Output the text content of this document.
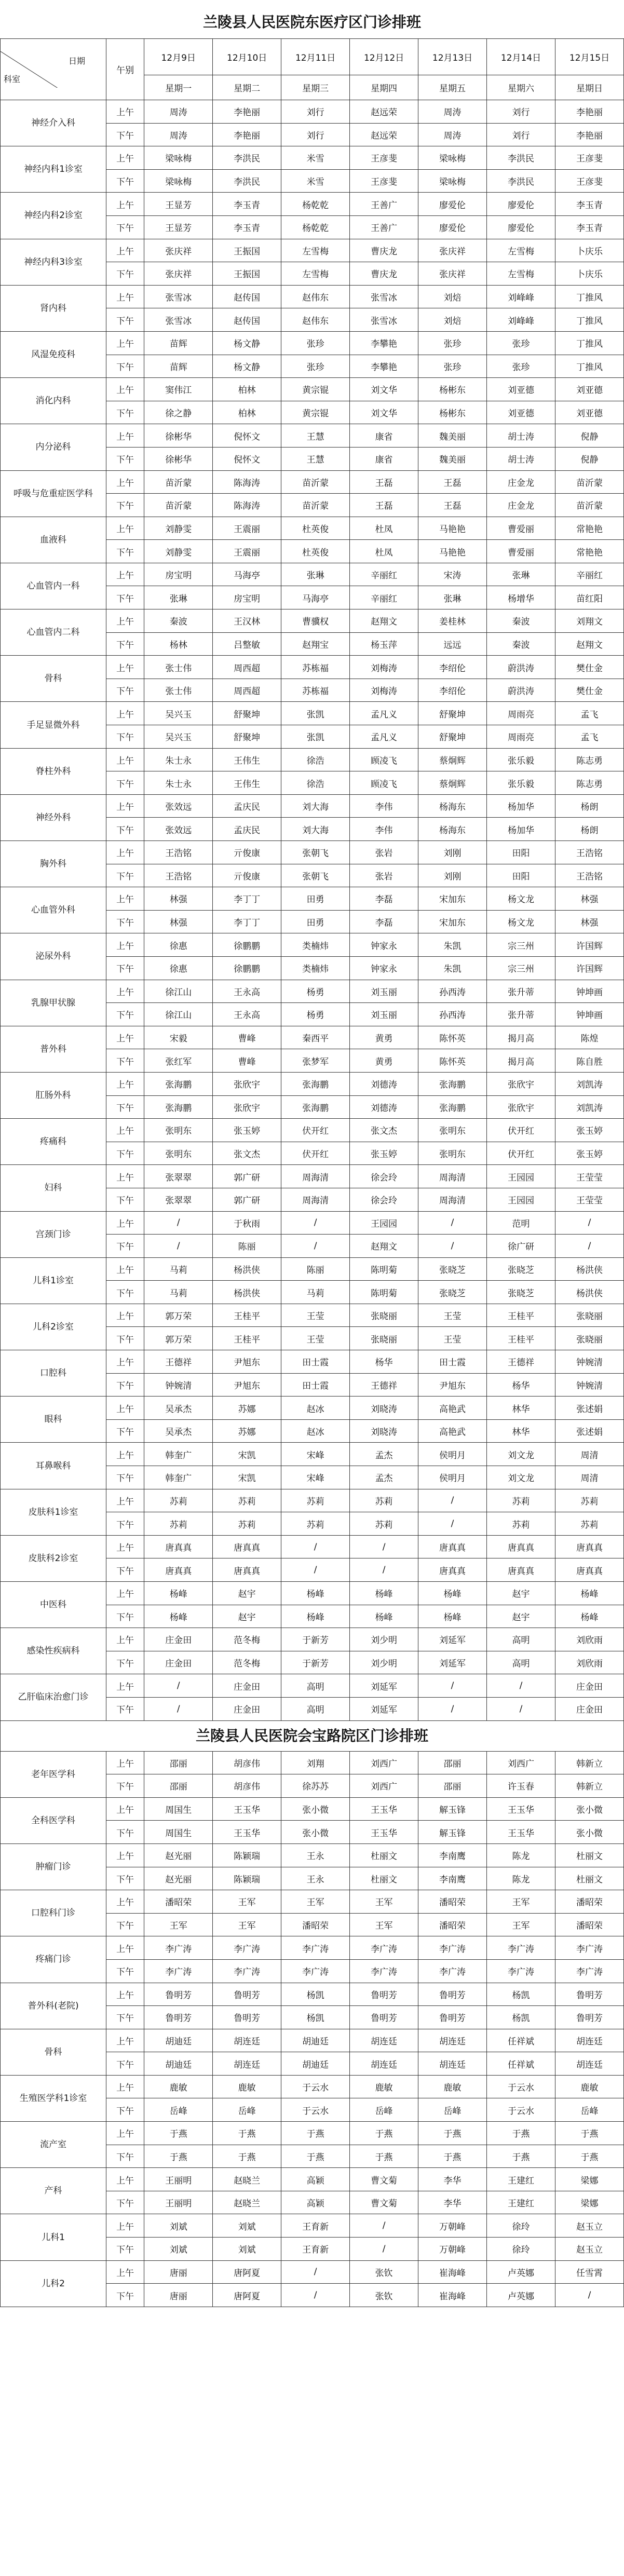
兰陵县人民医院东医疗区门诊排班
日期
科室	午别	12月9日	12月10日	12月11日	12月12日	12月13日	12月14日	12月15日
		星期一	星期二	星期三	星期四	星期五	星期六	星期日
神经介入科	上午	周涛	李艳丽	刘行	赵远荣	周涛	刘行	李艳丽
	下午	周涛	李艳丽	刘行	赵远荣	周涛	刘行	李艳丽
神经内科1诊室	上午	梁咏梅	李洪民	米雪	王彦斐	梁咏梅	李洪民	王彦斐
	下午	梁咏梅	李洪民	米雪	王彦斐	梁咏梅	李洪民	王彦斐
神经内科2诊室	上午	王显芳	李玉青	杨乾乾	王善广	廖爱伦	廖爱伦	李玉青
	下午	王显芳	李玉青	杨乾乾	王善广	廖爱伦	廖爱伦	李玉青
神经内科3诊室	上午	张庆祥	王振国	左雪梅	曹庆龙	张庆祥	左雪梅	卜庆乐
	下午	张庆祥	王振国	左雪梅	曹庆龙	张庆祥	左雪梅	卜庆乐
肾内科	上午	张雪冰	赵传国	赵伟东	张雪冰	刘焙	刘峰峰	丁推风
	下午	张雪冰	赵传国	赵伟东	张雪冰	刘焙	刘峰峰	丁推风
风湿免疫科	上午	苗辉	杨文静	张珍	李攀艳	张珍	张珍	丁推风
	下午	苗辉	杨文静	张珍	李攀艳	张珍	张珍	丁推风
消化内科	上午	窦伟江	柏林	黄宗锟	刘文华	杨彬东	刘亚德	刘亚德
	下午	徐之静	柏林	黄宗锟	刘文华	杨彬东	刘亚德	刘亚德
内分泌科	上午	徐彬华	倪怀文	王慧	康省	魏美丽	胡士涛	倪静
	下午	徐彬华	倪怀文	王慧	康省	魏美丽	胡士涛	倪静
呼吸与危重症医学科	上午	苗沂蒙	陈海涛	苗沂蒙	王磊	王磊	庄金龙	苗沂蒙
	下午	苗沂蒙	陈海涛	苗沂蒙	王磊	王磊	庄金龙	苗沂蒙
血液科	上午	刘静雯	王震丽	杜英俊	杜凤	马艳艳	曹爱丽	常艳艳
	下午	刘静雯	王震丽	杜英俊	杜凤	马艳艳	曹爱丽	常艳艳
心血管内一科	上午	房宝明	马海亭	张琳	辛丽红	宋涛	张琳	辛丽红
	下午	张琳	房宝明	马海亭	辛丽红	张琳	杨增华	苗红阳
心血管内二科	上午	秦波	王汉林	曹骥权	赵翔文	姜桂林	秦波	刘翔文
	下午	杨林	吕整敏	赵翔宝	杨玉萍	远远	秦波	赵翔文
骨科	上午	张士伟	周西超	苏栋福	刘梅涛	李绍伦	蔚洪涛	樊仕金
	下午	张士伟	周西超	苏栋福	刘梅涛	李绍伦	蔚洪涛	樊仕金
手足显微外科	上午	吴兴玉	舒聚坤	张凯	孟凡义	舒聚坤	周雨亮	孟飞
	下午	吴兴玉	舒聚坤	张凯	孟凡义	舒聚坤	周雨亮	孟飞
脊柱外科	上午	朱士永	王伟生	徐浩	顾凌飞	蔡炯辉	张乐毅	陈志勇
	下午	朱士永	王伟生	徐浩	顾凌飞	蔡炯辉	张乐毅	陈志勇
神经外科	上午	张效远	孟庆民	刘大海	李伟	杨海东	杨加华	杨朗
	下午	张效远	孟庆民	刘大海	李伟	杨海东	杨加华	杨朗
胸外科	上午	王浩铭	亓俊康	张朝飞	张岩	刘刚	田阳	王浩铭
	下午	王浩铭	亓俊康	张朝飞	张岩	刘刚	田阳	王浩铭
心血管外科	上午	林强	李丁丁	田勇	李磊	宋加东	杨文龙	林强
	下午	林强	李丁丁	田勇	李磊	宋加东	杨文龙	林强
泌尿外科	上午	徐惠	徐鹏鹏	类楠炜	钟家永	朱凯	宗三州	许国辉
	下午	徐惠	徐鹏鹏	类楠炜	钟家永	朱凯	宗三州	许国辉
乳腺甲状腺	上午	徐江山	王永高	杨勇	刘玉丽	孙西涛	张升蒂	钟坤画
	下午	徐江山	王永高	杨勇	刘玉丽	孙西涛	张升蒂	钟坤画
普外科	上午	宋毅	曹峰	秦西平	黄勇	陈怀英	揭月高	陈煌
	下午	张红军	曹峰	张梦军	黄勇	陈怀英	揭月高	陈自胜
肛肠外科	上午	张海鹏	张欣宇	张海鹏	刘德涛	张海鹏	张欣宇	刘凯涛
	下午	张海鹏	张欣宇	张海鹏	刘德涛	张海鹏	张欣宇	刘凯涛
疼痛科	上午	张明东	张玉婷	伏开红	张文杰	张明东	伏开红	张玉婷
	下午	张明东	张文杰	伏开红	张玉婷	张明东	伏开红	张玉婷
妇科	上午	张翠翠	郭广研	周海清	徐会玲	周海清	王园园	王莹莹
	下午	张翠翠	郭广研	周海清	徐会玲	周海清	王园园	王莹莹
宫颈门诊	上午	/	于秋雨	/	王园园	/	范明	/
	下午	/	陈丽	/	赵翔文	/	徐广研	/
儿科1诊室	上午	马莉	杨洪侠	陈丽	陈明菊	张晓芝	张晓芝	杨洪侠
	下午	马莉	杨洪侠	马莉	陈明菊	张晓芝	张晓芝	杨洪侠
儿科2诊室	上午	郭万荣	王桂平	王莹	张晓丽	王莹	王桂平	张晓丽
	下午	郭万荣	王桂平	王莹	张晓丽	王莹	王桂平	张晓丽
口腔科	上午	王德祥	尹旭东	田士霞	杨华	田士霞	王德祥	钟婉清
	下午	钟婉清	尹旭东	田士霞	王德祥	尹旭东	杨华	钟婉清
眼科	上午	吴承杰	苏娜	赵冰	刘晓涛	高艳武	林华	张述娟
	下午	吴承杰	苏娜	赵冰	刘晓涛	高艳武	林华	张述娟
耳鼻喉科	上午	韩奎广	宋凯	宋峰	孟杰	侯明月	刘文龙	周清
	下午	韩奎广	宋凯	宋峰	孟杰	侯明月	刘文龙	周清
皮肤科1诊室	上午	苏莉	苏莉	苏莉	苏莉	/	苏莉	苏莉
	下午	苏莉	苏莉	苏莉	苏莉	/	苏莉	苏莉
皮肤科2诊室	上午	唐真真	唐真真	/	/	唐真真	唐真真	唐真真
	下午	唐真真	唐真真	/	/	唐真真	唐真真	唐真真
中医科	上午	杨峰	赵宇	杨峰	杨峰	杨峰	赵宇	杨峰
	下午	杨峰	赵宇	杨峰	杨峰	杨峰	赵宇	杨峰
感染性疾病科	上午	庄金田	范冬梅	于新芳	刘少明	刘延军	高明	刘欣雨
	下午	庄金田	范冬梅	于新芳	刘少明	刘延军	高明	刘欣雨
乙肝临床治愈门诊	上午	/	庄金田	高明	刘延军	/	/	庄金田
	下午	/	庄金田	高明	刘延军	/	/	庄金田
兰陵县人民医院会宝路院区门诊排班
老年医学科	上午	邵丽	胡彦伟	刘翔	刘西广	邵丽	刘西广	韩新立
	下午	邵丽	胡彦伟	徐苏苏	刘西广	邵丽	许玉春	韩新立
全科医学科	上午	周国生	王玉华	张小微	王玉华	解玉锋	王玉华	张小微
	下午	周国生	王玉华	张小微	王玉华	解玉锋	王玉华	张小微
肿瘤门诊	上午	赵光丽	陈颖瑞	王永	杜丽文	李南鹰	陈龙	杜丽文
	下午	赵光丽	陈颖瑞	王永	杜丽文	李南鹰	陈龙	杜丽文
口腔科门诊	上午	潘昭荣	王军	王军	王军	潘昭荣	王军	潘昭荣
	下午	王军	王军	潘昭荣	王军	潘昭荣	王军	潘昭荣
疼痛门诊	上午	李广涛	李广涛	李广涛	李广涛	李广涛	李广涛	李广涛
	下午	李广涛	李广涛	李广涛	李广涛	李广涛	李广涛	李广涛
普外科(老院)	上午	鲁明芳	鲁明芳	杨凯	鲁明芳	鲁明芳	杨凯	鲁明芳
	下午	鲁明芳	鲁明芳	杨凯	鲁明芳	鲁明芳	杨凯	鲁明芳
骨科	上午	胡迪廷	胡连廷	胡迪廷	胡连廷	胡连廷	任祥斌	胡连廷
	下午	胡迪廷	胡连廷	胡迪廷	胡连廷	胡连廷	任祥斌	胡连廷
生殖医学科1诊室	上午	鹿敏	鹿敏	于云水	鹿敏	鹿敏	于云水	鹿敏
	下午	岳峰	岳峰	于云水	岳峰	岳峰	于云水	岳峰
流产室	上午	于燕	于燕	于燕	于燕	于燕	于燕	于燕
	下午	于燕	于燕	于燕	于燕	于燕	于燕	于燕
产科	上午	王丽明	赵晓兰	高颖	曹文菊	李华	王建红	梁娜
	下午	王丽明	赵晓兰	高颖	曹文菊	李华	王建红	梁娜
儿科1	上午	刘斌	刘斌	王育新	/	万朝峰	徐玲	赵玉立
	下午	刘斌	刘斌	王育新	/	万朝峰	徐玲	赵玉立
儿科2	上午	唐丽	唐阿夏	/	张钦	崔海峰	卢英娜	任雪霄
	下午	唐丽	唐阿夏	/	张钦	崔海峰	卢英娜	/
